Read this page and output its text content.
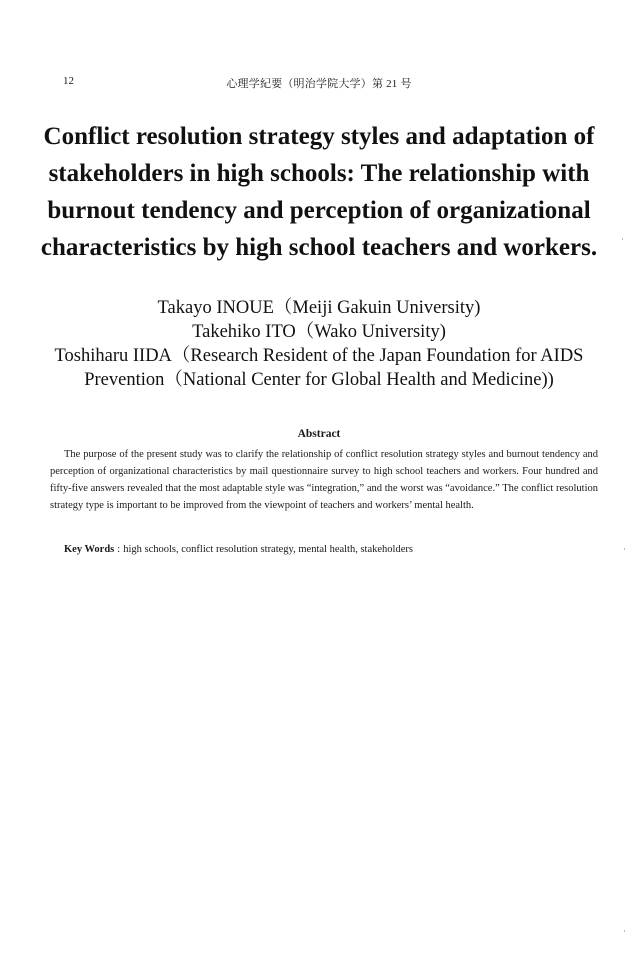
12	心理学紀要（明治学院大学）第 21 号
Conflict resolution strategy styles and adaptation of
stakeholders in high schools: The relationship with
burnout tendency and perception of organizational
characteristics by high school teachers and workers.
Takayo INOUE（Meiji Gakuin University)
Takehiko ITO（Wako University)
Toshiharu IIDA（Research Resident of the Japan Foundation for AIDS
Prevention（National Center for Global Health and Medicine))
Abstract

The purpose of the present study was to clarify the relationship of conflict resolution strategy styles and burnout tendency and perception of organizational characteristics by mail questionnaire survey to high school teachers and workers. Four hundred and fifty-five answers revealed that the most adaptable style was “integration,” and the worst was “avoidance.” The conflict resolution strategy type is important to be improved from the viewpoint of teachers and workers’ mental health.

Key Words : high schools, conflict resolution strategy, mental health, stakeholders
